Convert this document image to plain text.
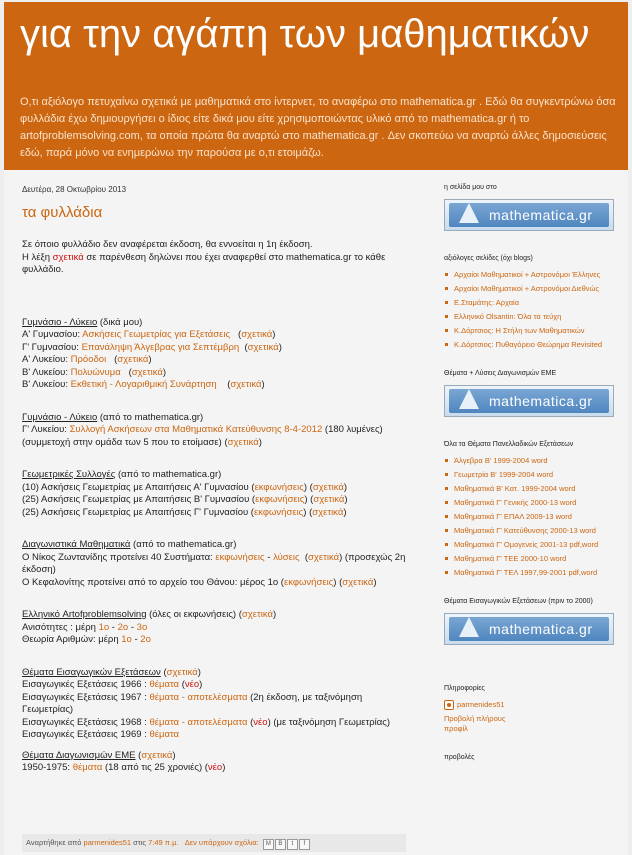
για την αγάπη των μαθηματικών
Ο,τι αξιόλογο πετυχαίνω σχετικά με μαθηματικά στο ίντερνετ, το αναφέρω στο mathematica.gr . Εδώ θα συγκεντρώνω όσα φυλλάδια έχω δημιουργήσει ο ίδιος είτε δικά μου είτε χρησιμοποιώντας υλικό από το mathematica.gr ή το artofproblemsolving.com, τα οποία πρώτα θα αναρτώ στο mathematica.gr . Δεν σκοπεύω να αναρτώ άλλες δημοσιεύσεις εδώ, παρά μόνο να ενημερώνω την παρούσα με ο,τι ετοιμάζω.
Δευτέρα, 28 Οκτωβρίου 2013
τα φυλλάδια
Σε όποιο φυλλάδιο δεν αναφέρεται έκδοση, θα εννοείται η 1η έκδοση.
Η λέξη σχετικά σε παρένθεση δηλώνει που έχει αναφερθεί στο mathematica.gr το κάθε φυλλάδιο.
Γυμνάσιο - Λύκειο (δικά μου)
Α' Γυμνασίου: Ασκήσεις Γεωμετρίας για Εξετάσεις   (σχετικά)
Γ' Γυμνασίου: Επανάληψη Άλγεβρας για Σεπτέμβρη  (σχετικά)
Α' Λυκείου: Πρόοδοι   (σχετικά)
Β' Λυκείου: Πολυώνυμα   (σχετικά)
Β' Λυκείου: Εκθετική - Λογαριθμική Συνάρτηση    (σχετικά)
Γυμνάσιο - Λύκειο (από το mathematica.gr)
Γ' Λυκείου: Συλλογή Ασκήσεων στα Μαθηματικά Κατεύθυνσης 8-4-2012 (180 λυμένες)
(συμμετοχή στην ομάδα των 5 που το ετοίμασε) (σχετικά)
Γεωμετρικές Συλλογές (από το mathematica.gr)
(10) Ασκήσεις Γεωμετρίας με Απαιτήσεις Α' Γυμνασίου (εκφωνήσεις) (σχετικά)
(25) Ασκήσεις Γεωμετρίας με Απαιτήσεις Β' Γυμνασίου (εκφωνήσεις) (σχετικά)
(25) Ασκήσεις Γεωμετρίας με Απαιτήσεις Γ' Γυμνασίου (εκφωνήσεις) (σχετικά)
Διαγωνιστικά Μαθηματικά (από το mathematica.gr)
Ο Νίκος Ζωντανίδης προτείνει 40 Συστήματα: εκφωνήσεις - λύσεις  (σχετικά) (προσεχώς 2η έκδοση)
Ο Κεφαλονίτης προτείνει από το αρχείο του Θάνου: μέρος 1ο (εκφωνήσεις) (σχετικά)
Ελληνικό Artofproblemsolving (όλες οι εκφωνήσεις) (σχετικά)
Ανισότητες : μέρη 1ο - 2ο - 3ο
Θεωρία Αριθμών: μέρη 1ο - 2ο
Θέματα Εισαγωγικών Εξετάσεων (σχετικά)
Εισαγωγικές Εξετάσεις 1966 : θέματα (νέο)
Εισαγωγικές Εξετάσεις 1967 : θέματα - αποτελέσματα (2η έκδοση, με ταξινόμηση Γεωμετρίας)
Εισαγωγικές Εξετάσεις 1968 : θέματα - αποτελέσματα (νέο) (με ταξινόμηση Γεωμετρίας)
Εισαγωγικές Εξετάσεις 1969 : θέματα
Θέματα Διαγωνισμών ΕΜΕ (σχετικά)
1950-1975: θέματα (18 από τις 25 χρονιές) (νέο)
Αναρτήθηκε από parmenides51 στις 7:49 π.μ. Δεν υπάρχουν σχόλια: M B t f
η σελίδα μου στο
mathematica.gr
αξιόλογες σελίδες (όχι blogs)
Αρχαίοι Μαθηματικοί + Αστρονόμοι Έλληνες
Αρχαίοι Μαθηματικοί + Αστρονόμοι Διεθνώς
Ε.Σταμάτης: Αρχαία
Ελληνικό Olsantin: Όλα τα τεύχη
Κ.Δόρτσιος: Η Στήλη των Μαθηματικών
Κ.Δόρτσιος: Πυθαγόρειο Θεώρημα Revisited
Θέματα + Λύσεις Διαγωνισμών ΕΜΕ
mathematica.gr
Όλα τα Θέματα Πανελλαδικών Εξετάσεων
Άλγεβρα Β' 1999-2004 word
Γεωμετρία Β' 1999-2004 word
Μαθηματικά Β' Κατ. 1999-2004 word
Μαθηματικά Γ' Γενικής 2000-13 word
Μαθηματικά Γ' ΕΠΑΛ 2009-13 word
Μαθηματικά Γ' Κατεύθυνσης 2000-13 word
Μαθηματικά Γ' Ομογενείς 2001-13 pdf,word
Μαθηματικά Γ' ΤΕΕ 2000-10 word
Μαθηματικά Γ' ΤΕΛ 1997,99-2001 pdf,word
Θέματα Εισαγωγικών Εξετάσεων (πριν το 2000)
mathematica.gr
Πληροφορίες
parmenides51
Προβολή πλήρους προφίλ
προβολές
